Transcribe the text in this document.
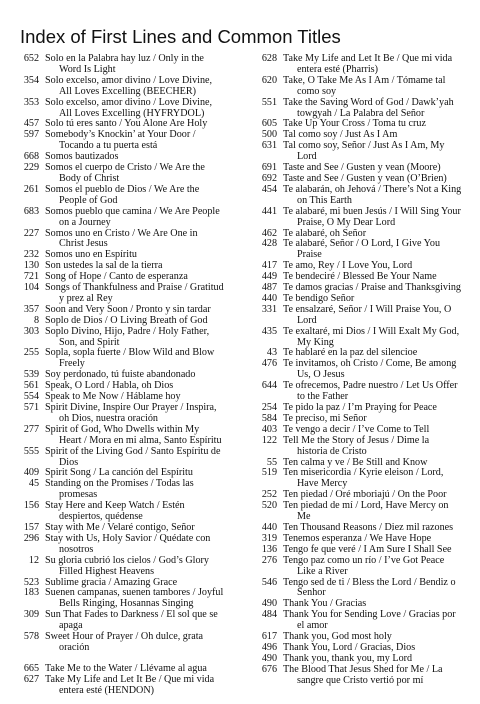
Index of First Lines and Common Titles
652 Solo en la Palabra hay luz / Only in the
Word Is Light
354 Solo excelso, amor divino / Love Divine,
All Loves Excelling (BEECHER)
353 Solo excelso, amor divino / Love Divine,
All Loves Excelling (HYFRYDOL)
457 Solo tú eres santo / You Alone Are Holy
597 Somebody’s Knockin’ at Your Door /
Tocando a tu puerta está
668 Somos bautizados
229 Somos el cuerpo de Cristo / We Are the
Body of Christ
261 Somos el pueblo de Dios / We Are the
People of God
683 Somos pueblo que camina / We Are People
on a Journey
227 Somos uno en Cristo / We Are One in
Christ Jesus
232 Somos uno en Espíritu
130 Son ustedes la sal de la tierra
721 Song of Hope / Canto de esperanza
104 Songs of Thankfulness and Praise / Gratitud
y prez al Rey
357 Soon and Very Soon / Pronto y sin tardar
8 Soplo de Dios / O Living Breath of God
303 Soplo Divino, Hijo, Padre / Holy Father,
Son, and Spirit
255 Sopla, sopla fuerte / Blow Wild and Blow
Freely
539 Soy perdonado, tú fuiste abandonado
561 Speak, O Lord / Habla, oh Dios
554 Speak to Me Now / Háblame hoy
571 Spirit Divine, Inspire Our Prayer / Inspira,
oh Dios, nuestra oración
277 Spirit of God, Who Dwells within My
Heart / Mora en mi alma, Santo Espíritu
555 Spirit of the Living God / Santo Espíritu de
Dios
409 Spirit Song / La canción del Espíritu
45 Standing on the Promises / Todas las
promesas
156 Stay Here and Keep Watch / Estén
despiertos, quédense
157 Stay with Me / Velaré contigo, Señor
296 Stay with Us, Holy Savior / Quédate con
nosotros
12 Su gloria cubrió los cielos / God’s Glory
Filled Highest Heavens
523 Sublime gracia / Amazing Grace
183 Suenen campanas, suenen tambores / Joyful
Bells Ringing, Hosannas Singing
309 Sun That Fades to Darkness / El sol que se
apaga
578 Sweet Hour of Prayer / Oh dulce, grata
oración
665 Take Me to the Water / Llévame al agua
627 Take My Life and Let It Be / Que mi vida
entera esté (HENDON)
628 Take My Life and Let It Be / Que mi vida
entera esté (Pharris)
620 Take, O Take Me As I Am / Tómame tal
como soy
551 Take the Saving Word of God / Dawk’yah
towgyah / La Palabra del Señor
605 Take Up Your Cross / Toma tu cruz
500 Tal como soy / Just As I Am
631 Tal como soy, Señor / Just As I Am, My
Lord
691 Taste and See / Gusten y vean (Moore)
692 Taste and See / Gusten y vean (O’Brien)
454 Te alabarán, oh Jehová / There’s Not a King
on This Earth
441 Te alabaré, mi buen Jesús / I Will Sing Your
Praise, O My Dear Lord
462 Te alabaré, oh Señor
428 Te alabaré, Señor / O Lord, I Give You
Praise
417 Te amo, Rey / I Love You, Lord
449 Te bendeciré / Blessed Be Your Name
487 Te damos gracias / Praise and Thanksgiving
440 Te bendigo Señor
331 Te ensalzaré, Señor / I Will Praise You, O
Lord
435 Te exaltaré, mi Dios / I Will Exalt My God,
My King
43 Te hablaré en la paz del silencioe
476 Te invitamos, oh Cristo / Come, Be among
Us, O Jesus
644 Te ofrecemos, Padre nuestro / Let Us Offer
to the Father
254 Te pido la paz / I’m Praying for Peace
584 Te preciso, mi Señor
403 Te vengo a decir / I’ve Come to Tell
122 Tell Me the Story of Jesus / Dime la
historia de Cristo
55 Ten calma y ve / Be Still and Know
519 Ten misericordia / Kyrie eleison / Lord,
Have Mercy
252 Ten piedad / Oré mboriajú / On the Poor
520 Ten piedad de mí / Lord, Have Mercy on
Me
440 Ten Thousand Reasons / Diez mil razones
319 Tenemos esperanza / We Have Hope
136 Tengo fe que veré / I Am Sure I Shall See
276 Tengo paz como un río / I’ve Got Peace
Like a River
546 Tengo sed de ti / Bless the Lord / Bendiz o
Senhor
490 Thank You / Gracias
484 Thank You for Sending Love / Gracias por
el amor
617 Thank you, God most holy
496 Thank You, Lord / Gracias, Dios
490 Thank you, thank you, my Lord
676 The Blood That Jesus Shed for Me / La
sangre que Cristo vertió por mí
